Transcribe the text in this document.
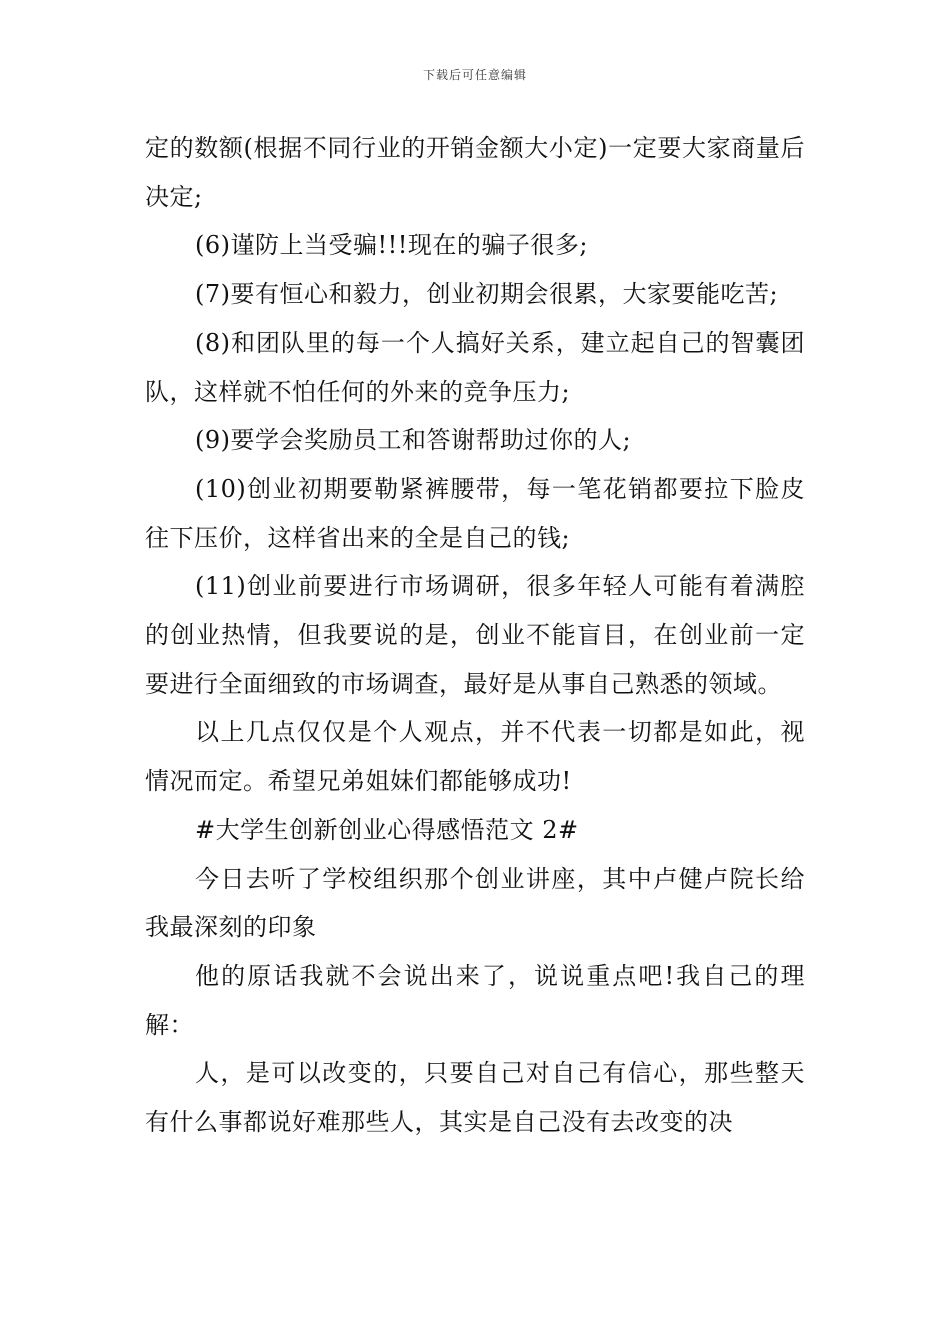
下载后可任意编辑

定的数额(根据不同行业的开销金额大小定)一定要大家商量后决定;

(6)谨防上当受骗!!!现在的骗子很多;

(7)要有恒心和毅力，创业初期会很累，大家要能吃苦;

(8)和团队里的每一个人搞好关系，建立起自己的智囊团队，这样就不怕任何的外来的竞争压力;

(9)要学会奖励员工和答谢帮助过你的人;

(10)创业初期要勒紧裤腰带，每一笔花销都要拉下脸皮往下压价，这样省出来的全是自己的钱;

(11)创业前要进行市场调研，很多年轻人可能有着满腔的创业热情，但我要说的是，创业不能盲目，在创业前一定要进行全面细致的市场调查，最好是从事自己熟悉的领域。

以上几点仅仅是个人观点，并不代表一切都是如此，视情况而定。希望兄弟姐妹们都能够成功!

#大学生创新创业心得感悟范文 2#

今日去听了学校组织那个创业讲座，其中卢健卢院长给我最深刻的印象

他的原话我就不会说出来了，说说重点吧!我自己的理解：

人，是可以改变的，只要自己对自己有信心，那些整天有什么事都说好难那些人，其实是自己没有去改变的决
